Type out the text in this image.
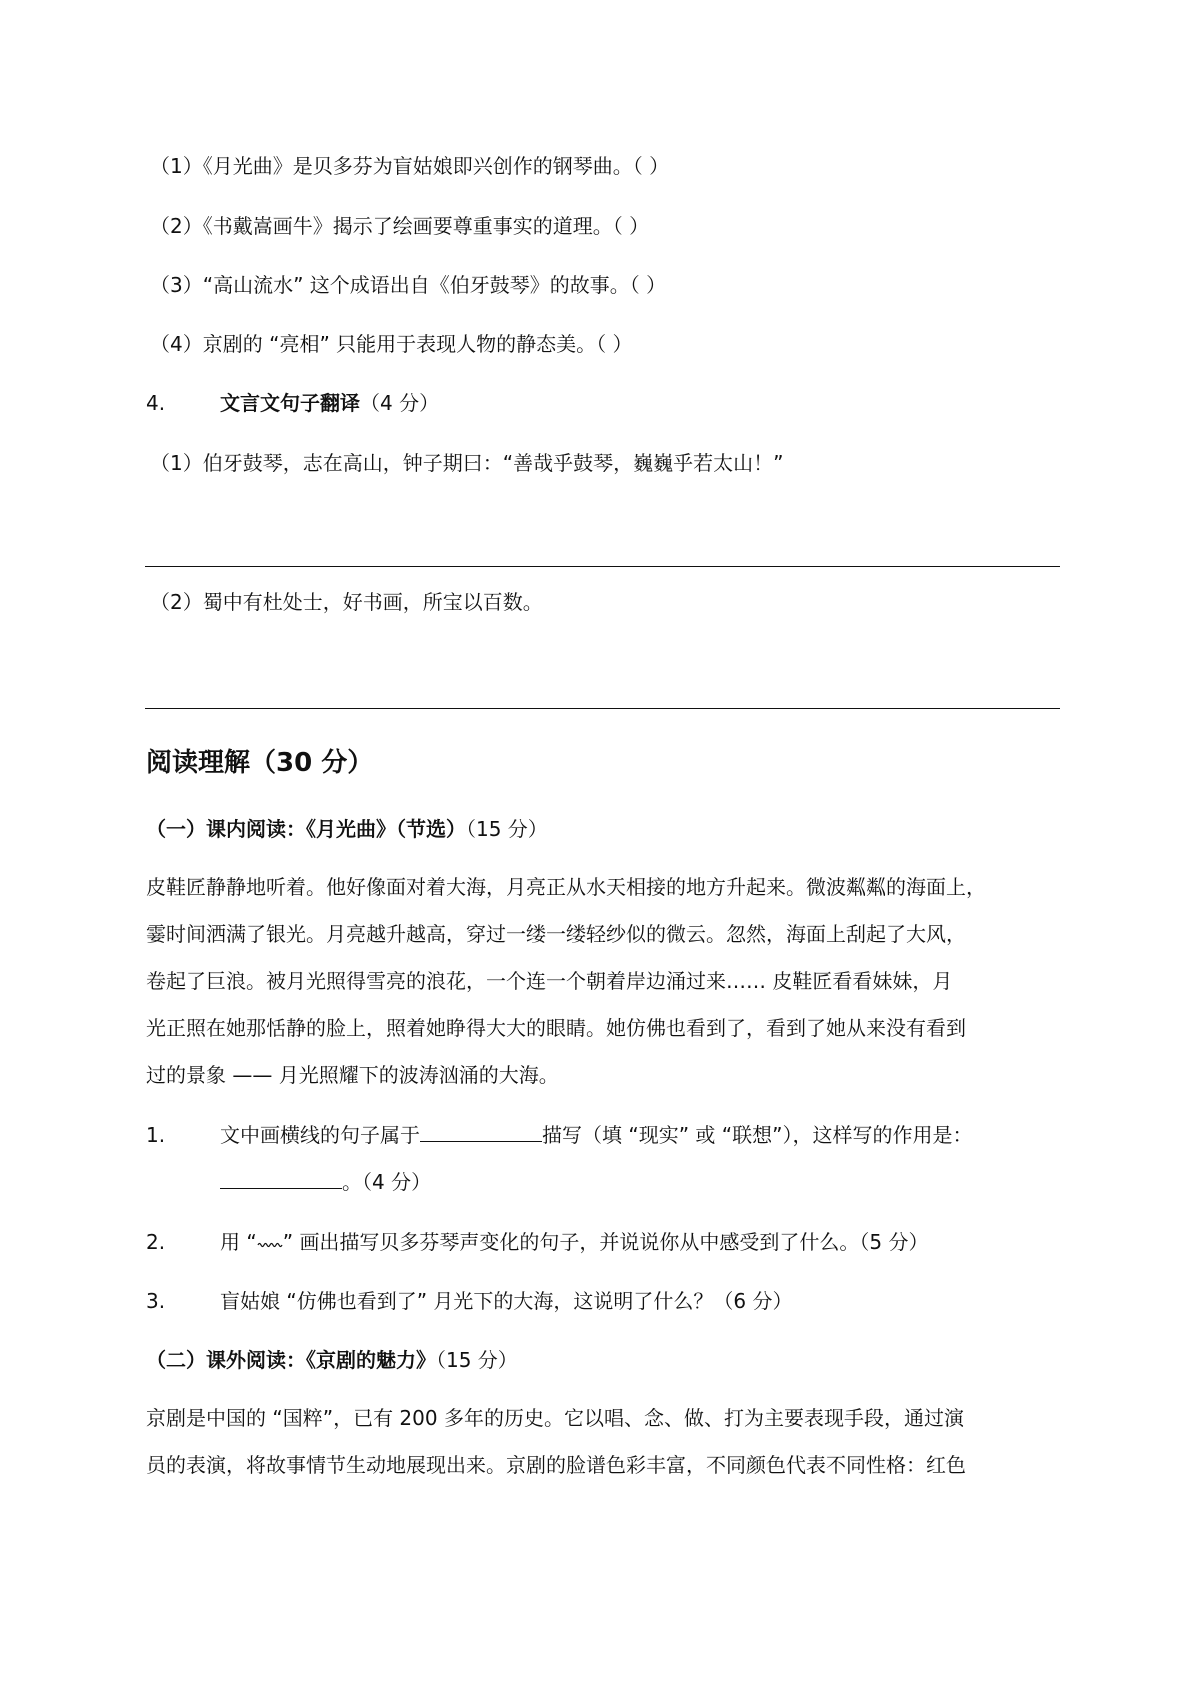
（1）《月光曲》是贝多芬为盲姑娘即兴创作的钢琴曲。（ ）
（2）《书戴嵩画牛》揭示了绘画要尊重事实的道理。（ ）
（3）“高山流水” 这个成语出自《伯牙鼓琴》的故事。（ ）
（4）京剧的 “亮相” 只能用于表现人物的静态美。（ ）
4.	文言文句子翻译（4 分）
（1）伯牙鼓琴，志在高山，钟子期曰：“善哉乎鼓琴，巍巍乎若太山！”
（2）蜀中有杜处士，好书画，所宝以百数。
阅读理解（30 分）
（一）课内阅读：《月光曲》（节选）（15 分）
皮鞋匠静静地听着。他好像面对着大海，月亮正从水天相接的地方升起来。微波粼粼的海面上，
霎时间洒满了银光。月亮越升越高，穿过一缕一缕轻纱似的微云。忽然，海面上刮起了大风，
卷起了巨浪。被月光照得雪亮的浪花，一个连一个朝着岸边涌过来…… 皮鞋匠看看妹妹，月
光正照在她那恬静的脸上，照着她睁得大大的眼睛。她仿佛也看到了，看到了她从来没有看到
过的景象 —— 月光照耀下的波涛汹涌的大海。
1.	文中画横线的句子属于	描写（填 “现实” 或 “联想”），这样写的作用是：
。（4 分）
2.	用 “ ” 画出描写贝多芬琴声变化的句子，并说说你从中感受到了什么。（5 分）
3.	盲姑娘 “仿佛也看到了” 月光下的大海，这说明了什么？（6 分）
（二）课外阅读：《京剧的魅力》（15 分）
京剧是中国的 “国粹”，已有 200 多年的历史。它以唱、念、做、打为主要表现手段，通过演
员的表演，将故事情节生动地展现出来。京剧的脸谱色彩丰富，不同颜色代表不同性格：红色
